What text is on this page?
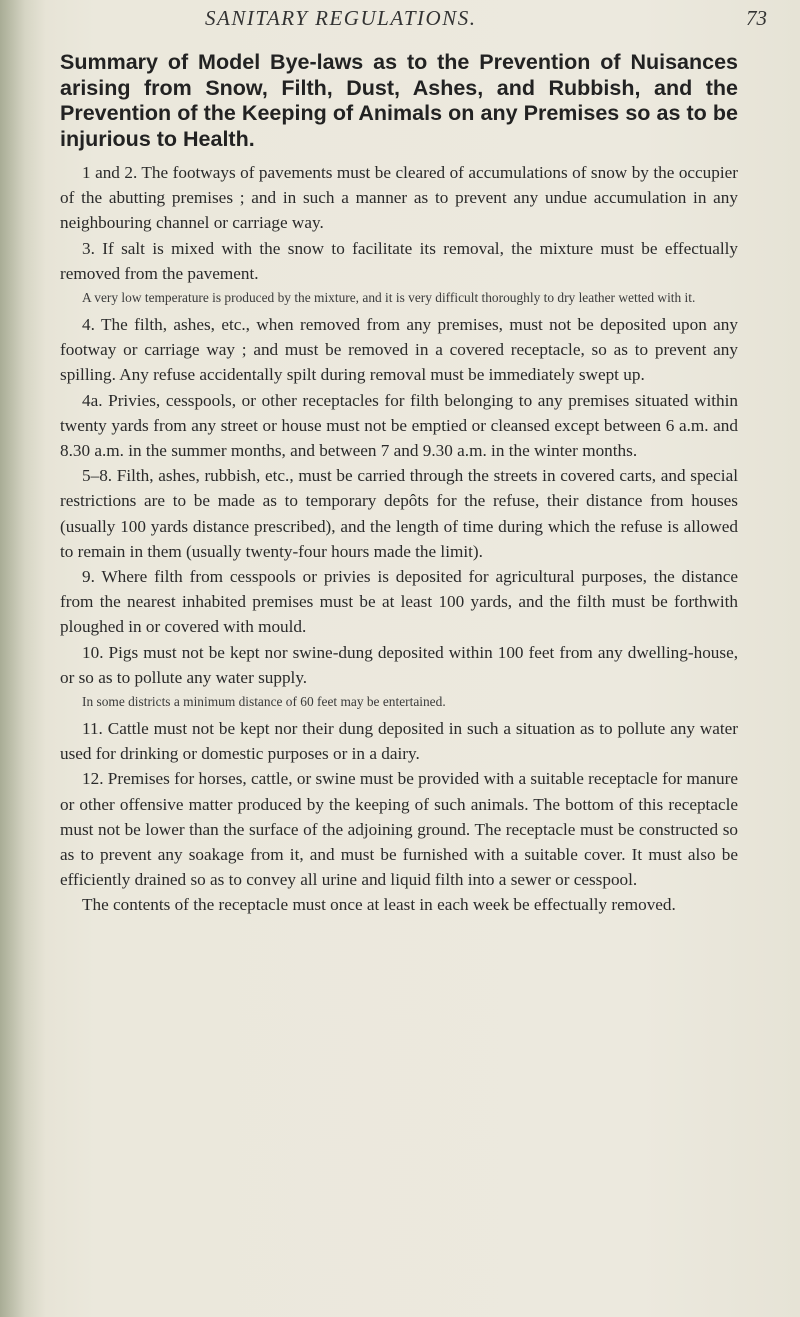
SANITARY REGULATIONS.	73
Summary of Model Bye-laws as to the Prevention of Nuisances arising from Snow, Filth, Dust, Ashes, and Rubbish, and the Prevention of the Keeping of Animals on any Premises so as to be injurious to Health.

1 and 2. The footways of pavements must be cleared of accumulations of snow by the occupier of the abutting premises ; and in such a manner as to prevent any undue accumulation in any neighbouring channel or carriage way.

3. If salt is mixed with the snow to facilitate its removal, the mixture must be effectually removed from the pavement.

A very low temperature is produced by the mixture, and it is very difficult thoroughly to dry leather wetted with it.

4. The filth, ashes, etc., when removed from any premises, must not be deposited upon any footway or carriage way ; and must be removed in a covered receptacle, so as to prevent any spilling. Any refuse accidentally spilt during removal must be immediately swept up.

4a. Privies, cesspools, or other receptacles for filth belonging to any premises situated within twenty yards from any street or house must not be emptied or cleansed except between 6 a.m. and 8.30 a.m. in the summer months, and between 7 and 9.30 a.m. in the winter months.

5–8. Filth, ashes, rubbish, etc., must be carried through the streets in covered carts, and special restrictions are to be made as to temporary depôts for the refuse, their distance from houses (usually 100 yards distance prescribed), and the length of time during which the refuse is allowed to remain in them (usually twenty-four hours made the limit).

9. Where filth from cesspools or privies is deposited for agricultural purposes, the distance from the nearest inhabited premises must be at least 100 yards, and the filth must be forthwith ploughed in or covered with mould.

10. Pigs must not be kept nor swine-dung deposited within 100 feet from any dwelling-house, or so as to pollute any water supply.

In some districts a minimum distance of 60 feet may be entertained.

11. Cattle must not be kept nor their dung deposited in such a situation as to pollute any water used for drinking or domestic purposes or in a dairy.

12. Premises for horses, cattle, or swine must be provided with a suitable receptacle for manure or other offensive matter produced by the keeping of such animals. The bottom of this receptacle must not be lower than the surface of the adjoining ground. The receptacle must be constructed so as to prevent any soakage from it, and must be furnished with a suitable cover. It must also be efficiently drained so as to convey all urine and liquid filth into a sewer or cesspool.

The contents of the receptacle must once at least in each week be effectually removed.
